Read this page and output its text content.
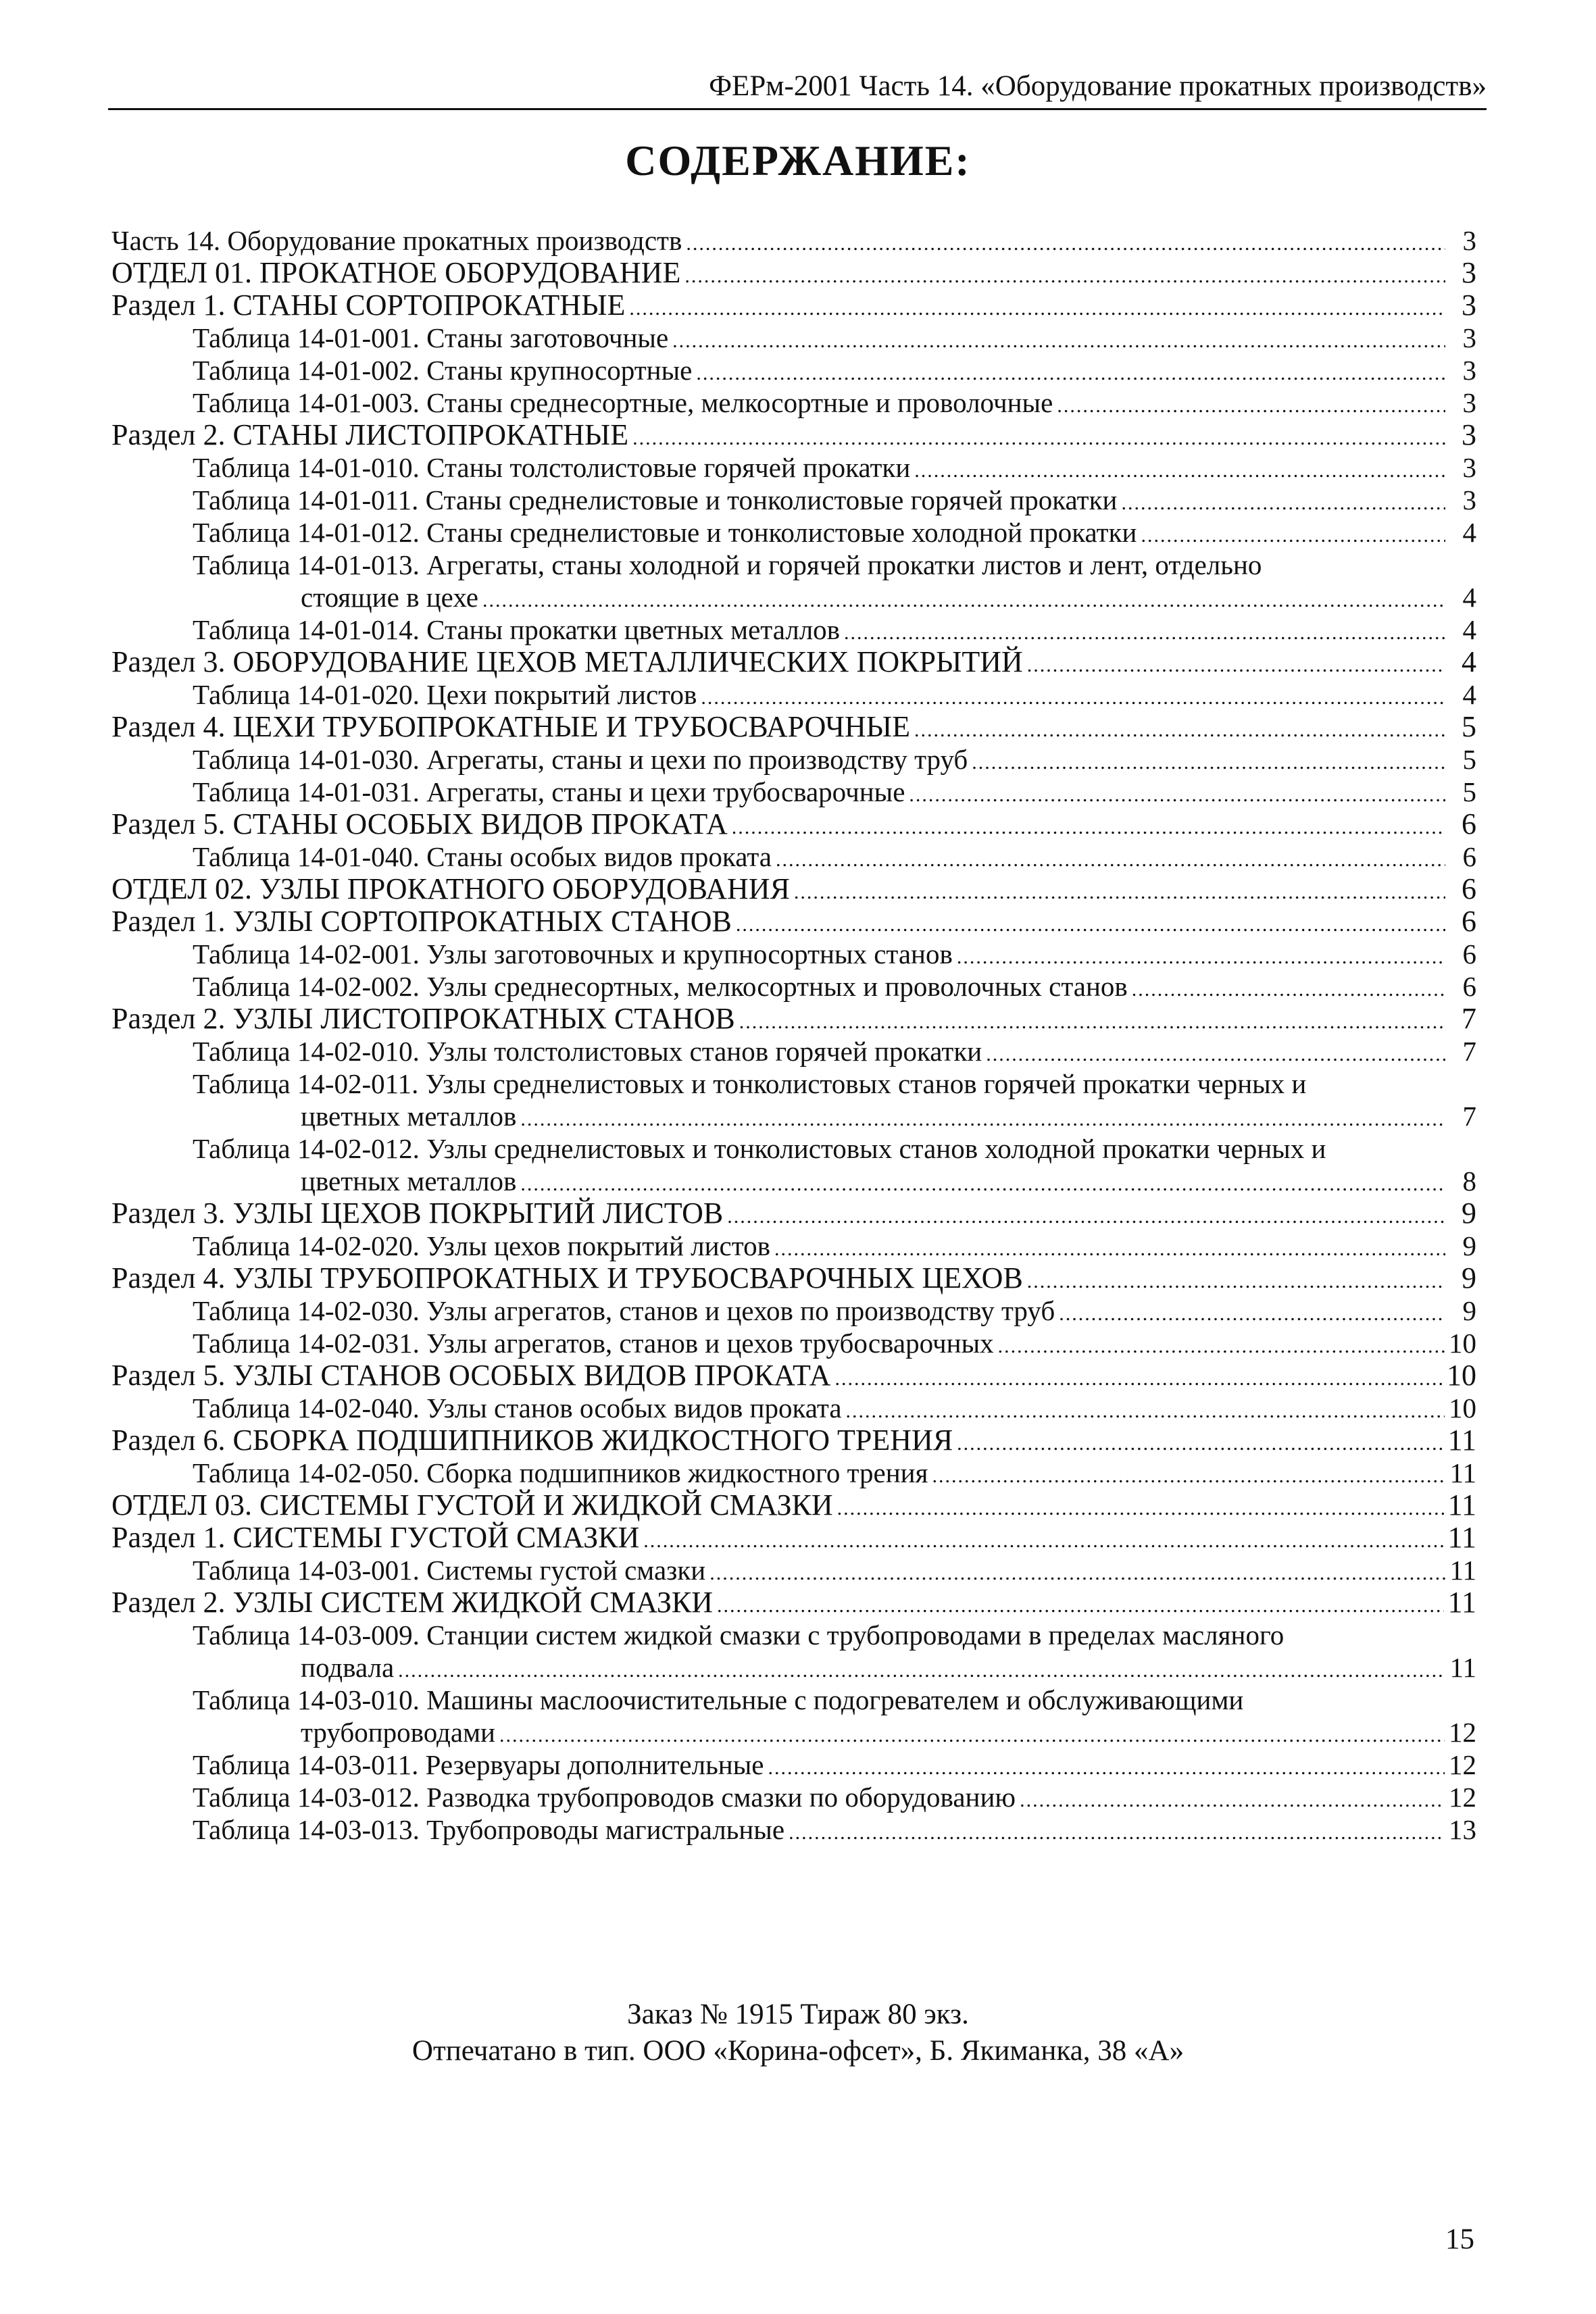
ФЕРм-2001 Часть 14. «Оборудование прокатных производств»
СОДЕРЖАНИЕ:
Часть 14. Оборудование прокатных производств .....	3
ОТДЕЛ 01. ПРОКАТНОЕ ОБОРУДОВАНИЕ .....	3
Раздел 1. СТАНЫ СОРТОПРОКАТНЫЕ .....	3
Таблица 14-01-001. Станы заготовочные .....	3
Таблица 14-01-002. Станы крупносортные .....	3
Таблица 14-01-003. Станы среднесортные, мелкосортные и проволочные .....	3
Раздел 2. СТАНЫ ЛИСТОПРОКАТНЫЕ .....	3
Таблица 14-01-010. Станы толстолистовые горячей прокатки .....	3
Таблица 14-01-011. Станы среднелистовые и тонколистовые горячей прокатки .....	3
Таблица 14-01-012. Станы среднелистовые и тонколистовые холодной прокатки .....	4
Таблица 14-01-013. Агрегаты, станы холодной и горячей прокатки листов и лент, отдельно
стоящие в цехе .....	4
Таблица 14-01-014. Станы прокатки цветных металлов .....	4
Раздел 3. ОБОРУДОВАНИЕ ЦЕХОВ МЕТАЛЛИЧЕСКИХ ПОКРЫТИЙ .....	4
Таблица 14-01-020. Цехи покрытий листов .....	4
Раздел 4. ЦЕХИ ТРУБОПРОКАТНЫЕ И ТРУБОСВАРОЧНЫЕ .....	5
Таблица 14-01-030. Агрегаты, станы и цехи по производству труб .....	5
Таблица 14-01-031. Агрегаты, станы и цехи трубосварочные .....	5
Раздел 5. СТАНЫ ОСОБЫХ ВИДОВ ПРОКАТА .....	6
Таблица 14-01-040. Станы особых видов проката .....	6
ОТДЕЛ 02. УЗЛЫ ПРОКАТНОГО ОБОРУДОВАНИЯ .....	6
Раздел 1. УЗЛЫ СОРТОПРОКАТНЫХ СТАНОВ .....	6
Таблица 14-02-001. Узлы заготовочных и крупносортных станов .....	6
Таблица 14-02-002. Узлы среднесортных, мелкосортных и проволочных станов .....	6
Раздел 2. УЗЛЫ ЛИСТОПРОКАТНЫХ СТАНОВ .....	7
Таблица 14-02-010. Узлы толстолистовых станов горячей прокатки .....	7
Таблица 14-02-011. Узлы среднелистовых и тонколистовых станов горячей прокатки черных и
цветных металлов .....	7
Таблица 14-02-012. Узлы среднелистовых и тонколистовых станов холодной прокатки черных и
цветных металлов .....	8
Раздел 3. УЗЛЫ ЦЕХОВ ПОКРЫТИЙ ЛИСТОВ .....	9
Таблица 14-02-020. Узлы цехов покрытий листов .....	9
Раздел 4. УЗЛЫ ТРУБОПРОКАТНЫХ И ТРУБОСВАРОЧНЫХ ЦЕХОВ .....	9
Таблица 14-02-030. Узлы агрегатов, станов и цехов по производству труб .....	9
Таблица 14-02-031. Узлы агрегатов, станов и цехов трубосварочных .....	10
Раздел 5. УЗЛЫ СТАНОВ ОСОБЫХ ВИДОВ ПРОКАТА .....	10
Таблица 14-02-040. Узлы станов особых видов проката .....	10
Раздел 6. СБОРКА ПОДШИПНИКОВ ЖИДКОСТНОГО ТРЕНИЯ .....	11
Таблица 14-02-050. Сборка подшипников жидкостного трения .....	11
ОТДЕЛ 03. СИСТЕМЫ ГУСТОЙ И ЖИДКОЙ СМАЗКИ .....	11
Раздел 1. СИСТЕМЫ ГУСТОЙ СМАЗКИ .....	11
Таблица 14-03-001. Системы густой смазки .....	11
Раздел 2. УЗЛЫ СИСТЕМ ЖИДКОЙ СМАЗКИ .....	11
Таблица 14-03-009. Станции систем жидкой смазки с трубопроводами в пределах масляного
подвала .....	11
Таблица 14-03-010. Машины маслоочистительные с подогревателем и обслуживающими
трубопроводами .....	12
Таблица 14-03-011. Резервуары дополнительные .....	12
Таблица 14-03-012. Разводка трубопроводов смазки по оборудованию .....	12
Таблица 14-03-013. Трубопроводы магистральные .....	13
Заказ № 1915 Тираж 80 экз.
Отпечатано в тип. ООО «Корина-офсет», Б. Якиманка, 38 «А»
15
